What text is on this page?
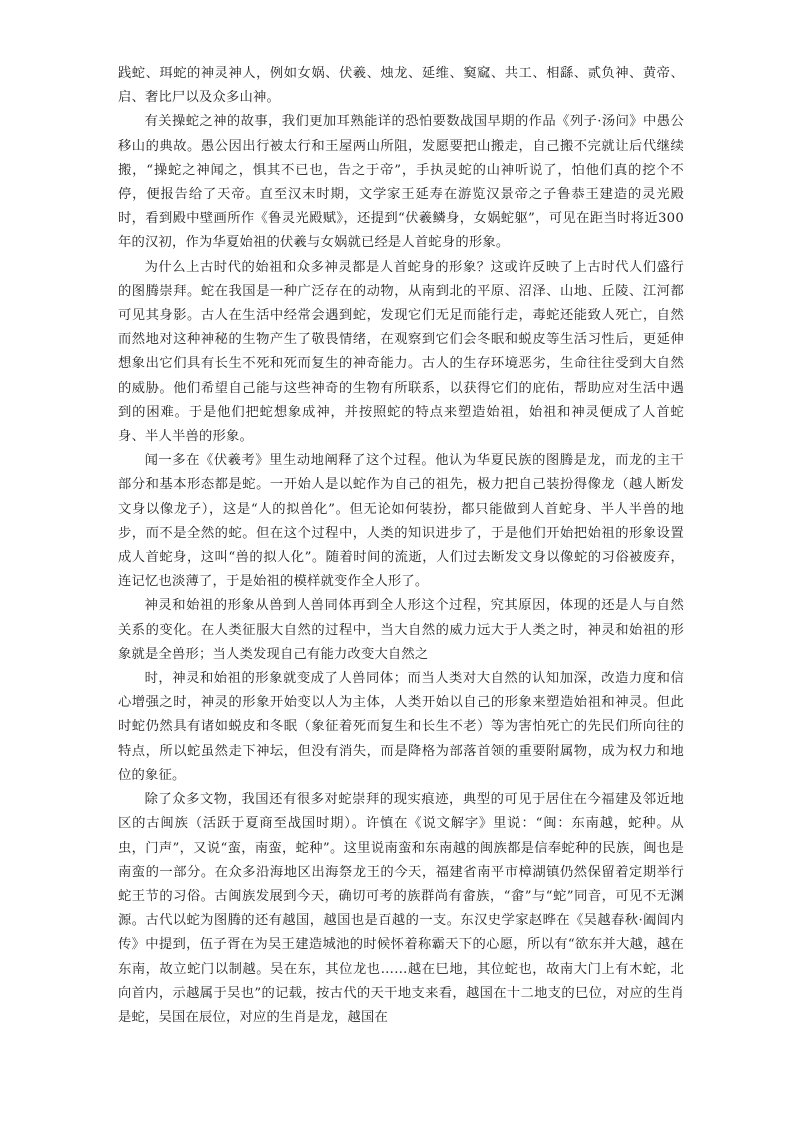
践蛇、珥蛇的神灵神人，例如女娲、伏羲、烛龙、延维、窫窳、共工、相繇、贰负神、黄帝、启、奢比尸以及众多山神。

有关操蛇之神的故事，我们更加耳熟能详的恐怕要数战国早期的作品《列子·汤问》中愚公移山的典故。愚公因出行被太行和王屋两山所阻，发愿要把山搬走，自己搬不完就让后代继续搬，“操蛇之神闻之，惧其不已也，告之于帝”，手执灵蛇的山神听说了，怕他们真的挖个不停，便报告给了天帝。直至汉末时期，文学家王延寿在游览汉景帝之子鲁恭王建造的灵光殿时，看到殿中壁画所作《鲁灵光殿赋》，还提到“伏羲鳞身，女娲蛇躯”，可见在距当时将近300年的汉初，作为华夏始祖的伏羲与女娲就已经是人首蛇身的形象。

为什么上古时代的始祖和众多神灵都是人首蛇身的形象？这或许反映了上古时代人们盛行的图腾崇拜。蛇在我国是一种广泛存在的动物，从南到北的平原、沼泽、山地、丘陵、江河都可见其身影。古人在生活中经常会遇到蛇，发现它们无足而能行走，毒蛇还能致人死亡，自然而然地对这种神秘的生物产生了敬畏情绪，在观察到它们会冬眠和蜕皮等生活习性后，更延伸想象出它们具有长生不死和死而复生的神奇能力。古人的生存环境恶劣，生命往往受到大自然的威胁。他们希望自己能与这些神奇的生物有所联系，以获得它们的庇佑，帮助应对生活中遇到的困难。于是他们把蛇想象成神，并按照蛇的特点来塑造始祖，始祖和神灵便成了人首蛇身、半人半兽的形象。

闻一多在《伏羲考》里生动地阐释了这个过程。他认为华夏民族的图腾是龙，而龙的主干部分和基本形态都是蛇。一开始人是以蛇作为自己的祖先，极力把自己装扮得像龙（越人断发文身以像龙子），这是“人的拟兽化”。但无论如何装扮，都只能做到人首蛇身、半人半兽的地步，而不是全然的蛇。但在这个过程中，人类的知识进步了，于是他们开始把始祖的形象设置成人首蛇身，这叫“兽的拟人化”。随着时间的流逝，人们过去断发文身以像蛇的习俗被废弃，连记忆也淡薄了，于是始祖的模样就变作全人形了。

神灵和始祖的形象从兽到人兽同体再到全人形这个过程，究其原因，体现的还是人与自然关系的变化。在人类征服大自然的过程中，当大自然的威力远大于人类之时，神灵和始祖的形象就是全兽形；当人类发现自己有能力改变大自然之

时，神灵和始祖的形象就变成了人兽同体；而当人类对大自然的认知加深，改造力度和信心增强之时，神灵的形象开始变以人为主体，人类开始以自己的形象来塑造始祖和神灵。但此时蛇仍然具有诸如蜕皮和冬眠（象征着死而复生和长生不老）等为害怕死亡的先民们所向往的特点，所以蛇虽然走下神坛，但没有消失，而是降格为部落首领的重要附属物，成为权力和地位的象征。

除了众多文物，我国还有很多对蛇崇拜的现实痕迹，典型的可见于居住在今福建及邻近地区的古闽族（活跃于夏商至战国时期）。许慎在《说文解字》里说：“闽：东南越，蛇种。从虫，门声”，又说“蛮，南蛮，蛇种”。这里说南蛮和东南越的闽族都是信奉蛇种的民族，闽也是南蛮的一部分。在众多沿海地区出海祭龙王的今天，福建省南平市樟湖镇仍然保留着定期举行蛇王节的习俗。古闽族发展到今天，确切可考的族群尚有畲族，“畲”与“蛇”同音，可见不无渊源。古代以蛇为图腾的还有越国，越国也是百越的一支。东汉史学家赵晔在《吴越春秋·阖闾内传》中提到，伍子胥在为吴王建造城池的时候怀着称霸天下的心愿，所以有“欲东并大越，越在东南，故立蛇门以制越。吴在东，其位龙也……越在巳地，其位蛇也，故南大门上有木蛇，北向首内，示越属于吴也”的记载，按古代的天干地支来看，越国在十二地支的巳位，对应的生肖是蛇，吴国在辰位，对应的生肖是龙，越国在
